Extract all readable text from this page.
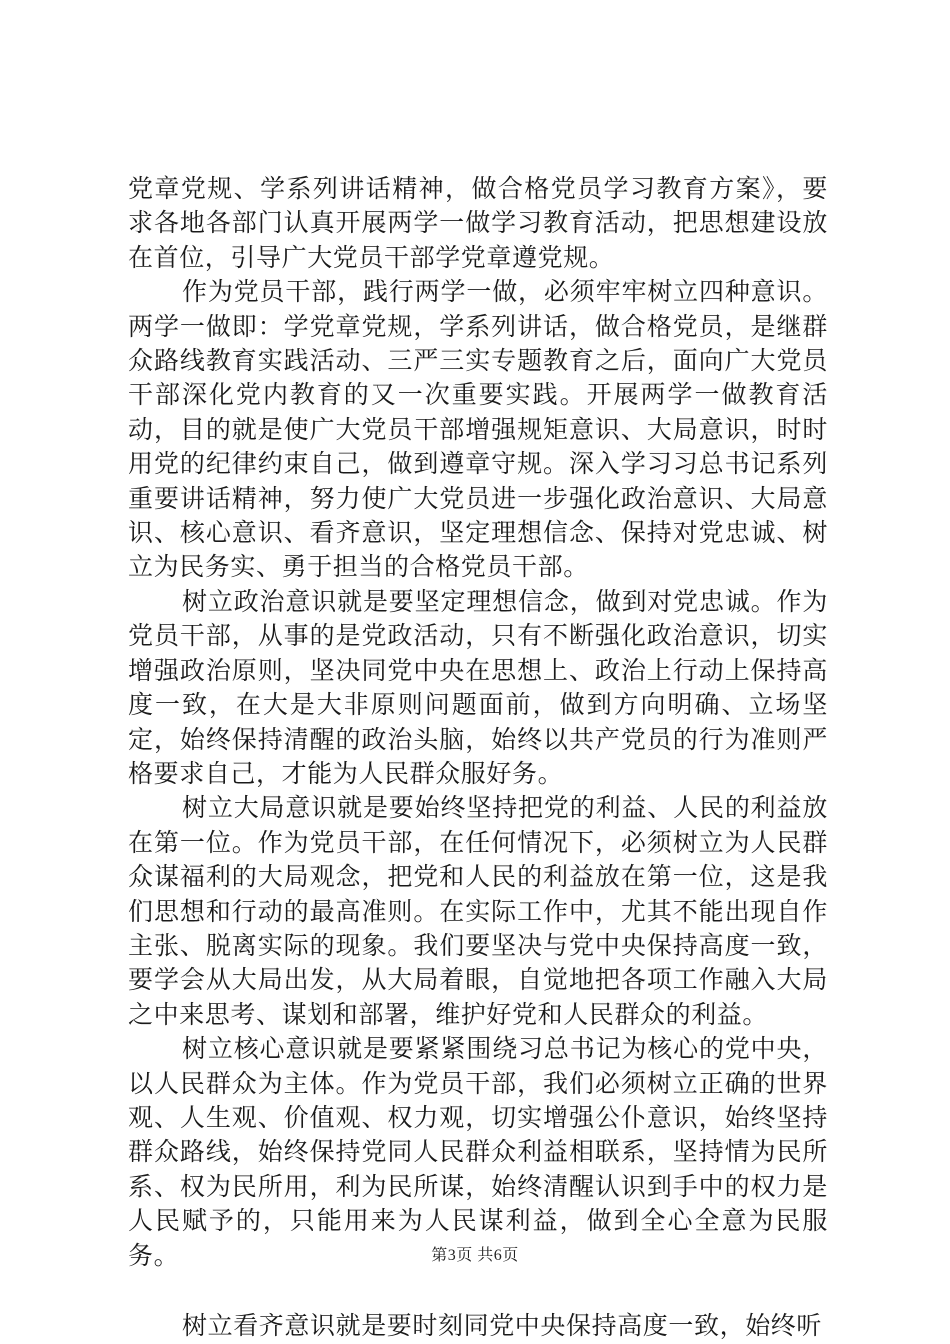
党章党规、学系列讲话精神，做合格党员学习教育方案》，要求各地各部门认真开展两学一做学习教育活动，把思想建设放在首位，引导广大党员干部学党章遵党规。

作为党员干部，践行两学一做，必须牢牢树立四种意识。两学一做即：学党章党规，学系列讲话，做合格党员，是继群众路线教育实践活动、三严三实专题教育之后，面向广大党员干部深化党内教育的又一次重要实践。开展两学一做教育活动，目的就是使广大党员干部增强规矩意识、大局意识，时时用党的纪律约束自己，做到遵章守规。深入学习习总书记系列重要讲话精神，努力使广大党员进一步强化政治意识、大局意识、核心意识、看齐意识，坚定理想信念、保持对党忠诚、树立为民务实、勇于担当的合格党员干部。

树立政治意识就是要坚定理想信念，做到对党忠诚。作为党员干部，从事的是党政活动，只有不断强化政治意识，切实增强政治原则，坚决同党中央在思想上、政治上行动上保持高度一致，在大是大非原则问题面前，做到方向明确、立场坚定，始终保持清醒的政治头脑，始终以共产党员的行为准则严格要求自己，才能为人民群众服好务。

树立大局意识就是要始终坚持把党的利益、人民的利益放在第一位。作为党员干部，在任何情况下，必须树立为人民群众谋福利的大局观念，把党和人民的利益放在第一位，这是我们思想和行动的最高准则。在实际工作中，尤其不能出现自作主张、脱离实际的现象。我们要坚决与党中央保持高度一致，要学会从大局出发，从大局着眼，自觉地把各项工作融入大局之中来思考、谋划和部署，维护好党和人民群众的利益。

树立核心意识就是要紧紧围绕习总书记为核心的党中央，以人民群众为主体。作为党员干部，我们必须树立正确的世界观、人生观、价值观、权力观，切实增强公仆意识，始终坚持群众路线，始终保持党同人民群众利益相联系，坚持情为民所系、权为民所用，利为民所谋，始终清醒认识到手中的权力是人民赋予的，只能用来为人民谋利益，做到全心全意为民服务。

树立看齐意识就是要时刻同党中央保持高度一致，始终听

第3页 共6页
